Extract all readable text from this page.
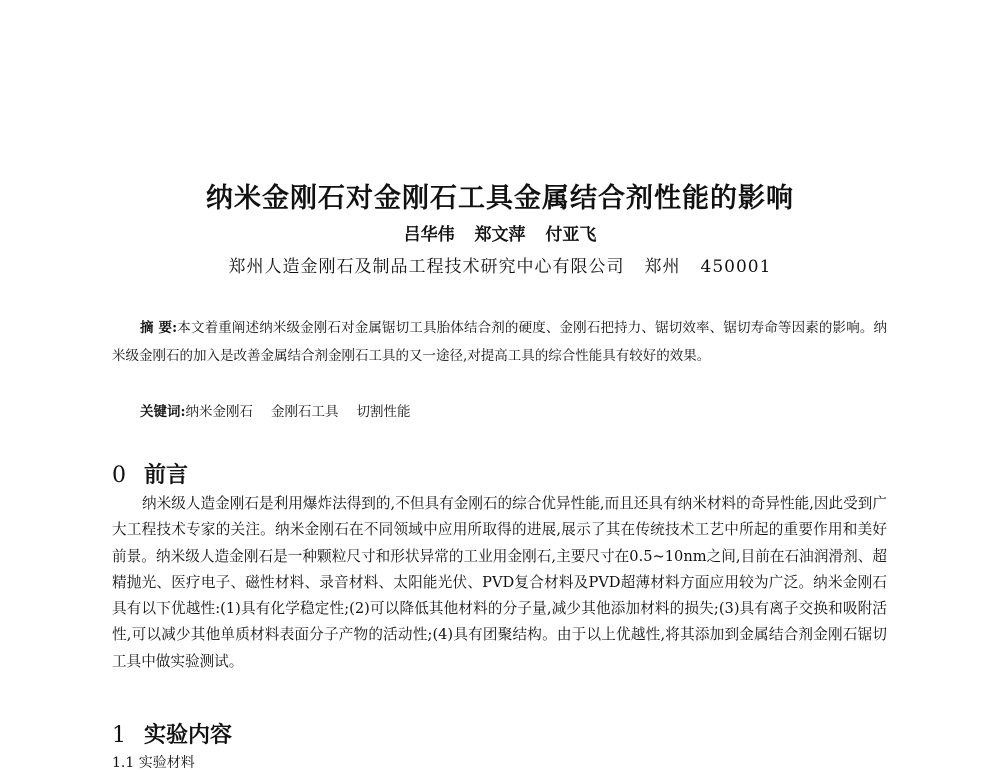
纳米金刚石对金刚石工具金属结合剂性能的影响
吕华伟 郑文萍 付亚飞
郑州人造金刚石及制品工程技术研究中心有限公司 郑州 450001
摘 要:本文着重阐述纳米级金刚石对金属锯切工具胎体结合剂的硬度、金刚石把持力、锯切效率、锯切寿命等因素的影响。纳米级金刚石的加入是改善金属结合剂金刚石工具的又一途径,对提高工具的综合性能具有较好的效果。
关键词:纳米金刚石 金刚石工具 切割性能
0 前言
纳米级人造金刚石是利用爆炸法得到的,不但具有金刚石的综合优异性能,而且还具有纳米材料的奇异性能,因此受到广大工程技术专家的关注。纳米金刚石在不同领域中应用所取得的进展,展示了其在传统技术工艺中所起的重要作用和美好前景。纳米级人造金刚石是一种颗粒尺寸和形状异常的工业用金刚石,主要尺寸在0.5~10nm之间,目前在石油润滑剂、超精抛光、医疗电子、磁性材料、录音材料、太阳能光伏、PVD复合材料及PVD超薄材料方面应用较为广泛。纳米金刚石具有以下优越性:(1)具有化学稳定性;(2)可以降低其他材料的分子量,减少其他添加材料的损失;(3)具有离子交换和吸附活性,可以减少其他单质材料表面分子产物的活动性;(4)具有团聚结构。由于以上优越性,将其添加到金属结合剂金刚石锯切工具中做实验测试。
1 实验内容
1.1 实验材料
